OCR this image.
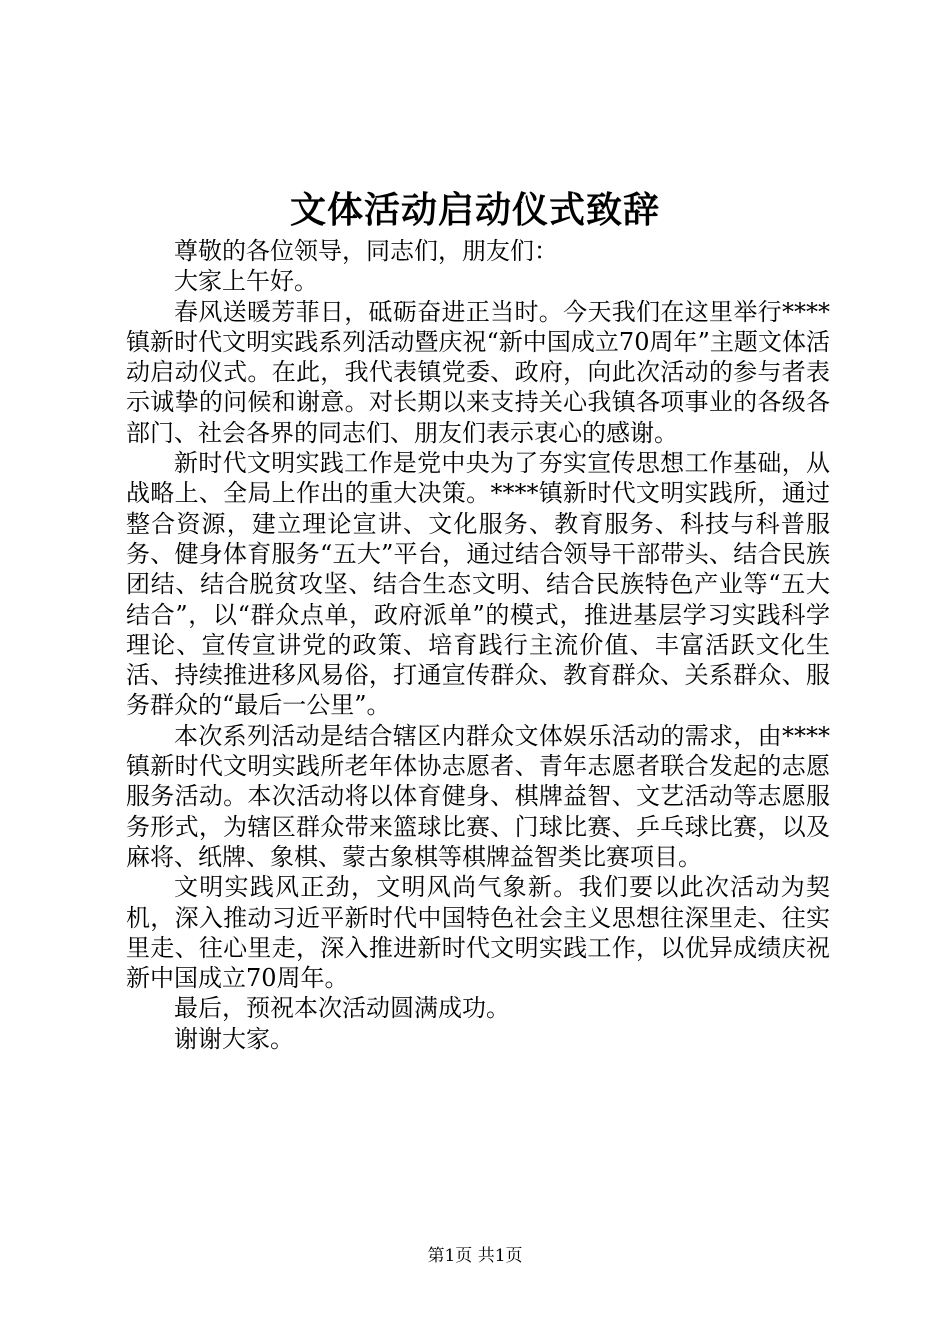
文体活动启动仪式致辞

尊敬的各位领导，同志们，朋友们：

大家上午好。

春风送暖芳菲日，砥砺奋进正当时。今天我们在这里举行****镇新时代文明实践系列活动暨庆祝“新中国成立70周年”主题文体活动启动仪式。在此，我代表镇党委、政府，向此次活动的参与者表示诚挚的问候和谢意。对长期以来支持关心我镇各项事业的各级各部门、社会各界的同志们、朋友们表示衷心的感谢。

新时代文明实践工作是党中央为了夯实宣传思想工作基础，从战略上、全局上作出的重大决策。****镇新时代文明实践所，通过整合资源，建立理论宣讲、文化服务、教育服务、科技与科普服务、健身体育服务“五大”平台，通过结合领导干部带头、结合民族团结、结合脱贫攻坚、结合生态文明、结合民族特色产业等“五大结合”，以“群众点单，政府派单”的模式，推进基层学习实践科学理论、宣传宣讲党的政策、培育践行主流价值、丰富活跃文化生活、持续推进移风易俗，打通宣传群众、教育群众、关系群众、服务群众的“最后一公里”。

本次系列活动是结合辖区内群众文体娱乐活动的需求，由****镇新时代文明实践所老年体协志愿者、青年志愿者联合发起的志愿服务活动。本次活动将以体育健身、棋牌益智、文艺活动等志愿服务形式，为辖区群众带来篮球比赛、门球比赛、乒乓球比赛，以及麻将、纸牌、象棋、蒙古象棋等棋牌益智类比赛项目。

文明实践风正劲，文明风尚气象新。我们要以此次活动为契机，深入推动习近平新时代中国特色社会主义思想往深里走、往实里走、往心里走，深入推进新时代文明实践工作，以优异成绩庆祝新中国成立70周年。

最后，预祝本次活动圆满成功。

谢谢大家。

第1页 共1页
